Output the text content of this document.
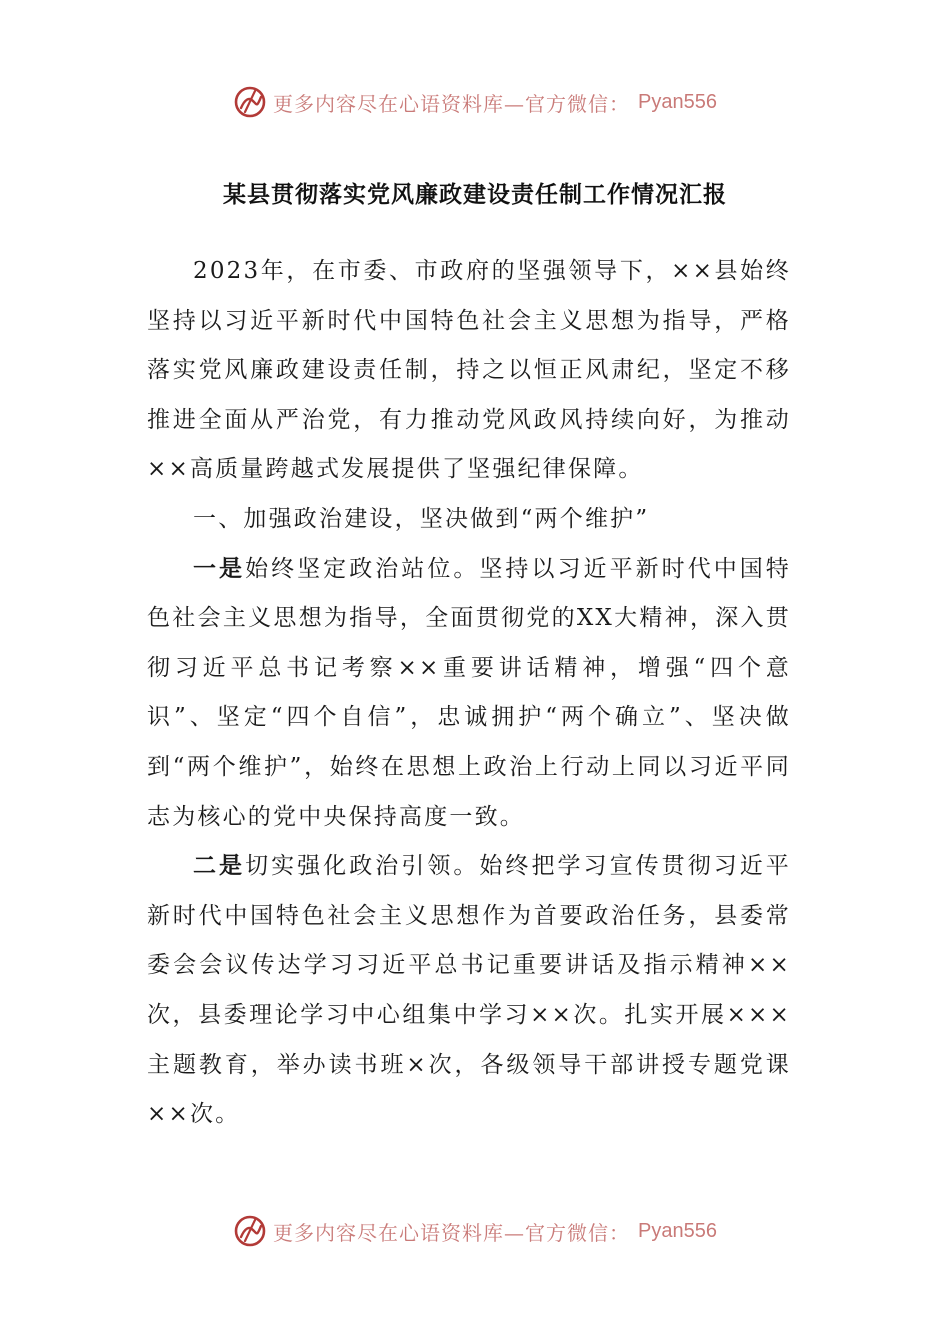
更多内容尽在心语资料库—官方微信： Pyan556
某县贯彻落实党风廉政建设责任制工作情况汇报

2023年，在市委、市政府的坚强领导下，××县始终坚持以习近平新时代中国特色社会主义思想为指导，严格落实党风廉政建设责任制，持之以恒正风肃纪，坚定不移推进全面从严治党，有力推动党风政风持续向好，为推动××高质量跨越式发展提供了坚强纪律保障。

一、加强政治建设，坚决做到“两个维护”

一是始终坚定政治站位。坚持以习近平新时代中国特色社会主义思想为指导，全面贯彻党的XX大精神，深入贯彻习近平总书记考察××重要讲话精神，增强“四个意识”、坚定“四个自信”，忠诚拥护“两个确立”、坚决做到“两个维护”，始终在思想上政治上行动上同以习近平同志为核心的党中央保持高度一致。

二是切实强化政治引领。始终把学习宣传贯彻习近平新时代中国特色社会主义思想作为首要政治任务，县委常委会会议传达学习习近平总书记重要讲话及指示精神××次，县委理论学习中心组集中学习××次。扎实开展×××主题教育，举办读书班×次，各级领导干部讲授专题党课××次。

更多内容尽在心语资料库—官方微信： Pyan556
